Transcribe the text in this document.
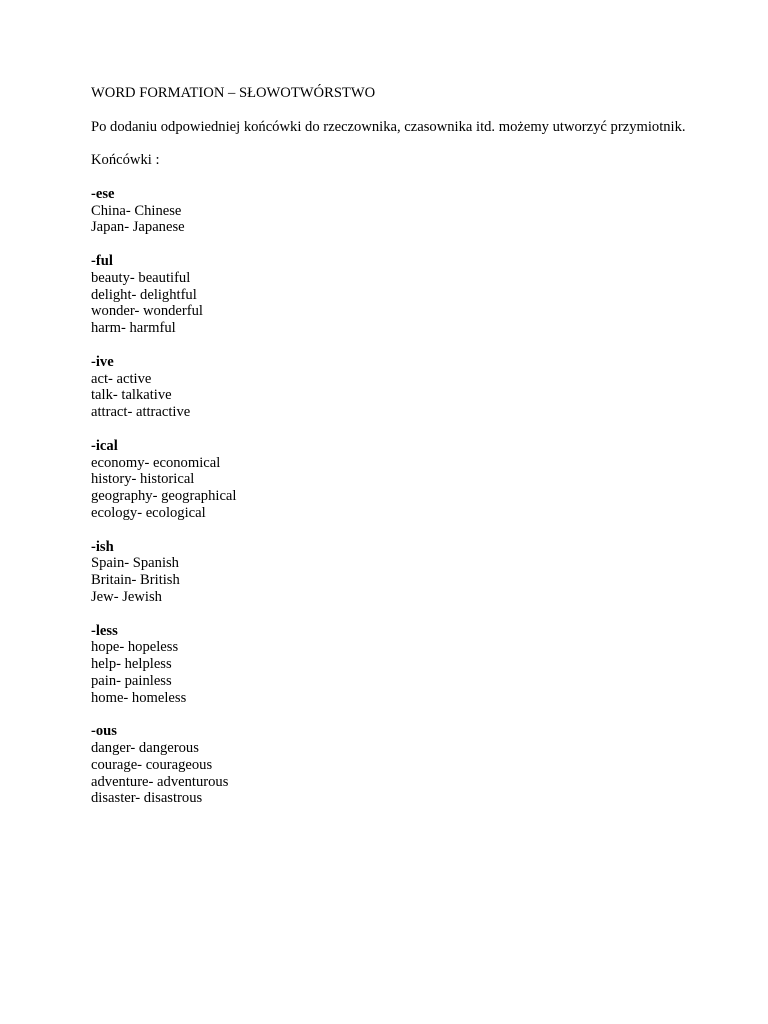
WORD FORMATION – SŁOWOTWÓRSTWO
Po dodaniu odpowiedniej końcówki do rzeczownika, czasownika itd. możemy utworzyć przymiotnik.
Końcówki :
-ese
China- Chinese
Japan- Japanese
-ful
beauty- beautiful
delight- delightful
wonder- wonderful
harm- harmful
-ive
act- active
talk- talkative
attract- attractive
-ical
economy- economical
history- historical
geography- geographical
ecology- ecological
-ish
Spain- Spanish
Britain- British
Jew- Jewish
-less
hope- hopeless
help- helpless
pain- painless
home- homeless
-ous
danger- dangerous
courage- courageous
adventure- adventurous
disaster- disastrous
